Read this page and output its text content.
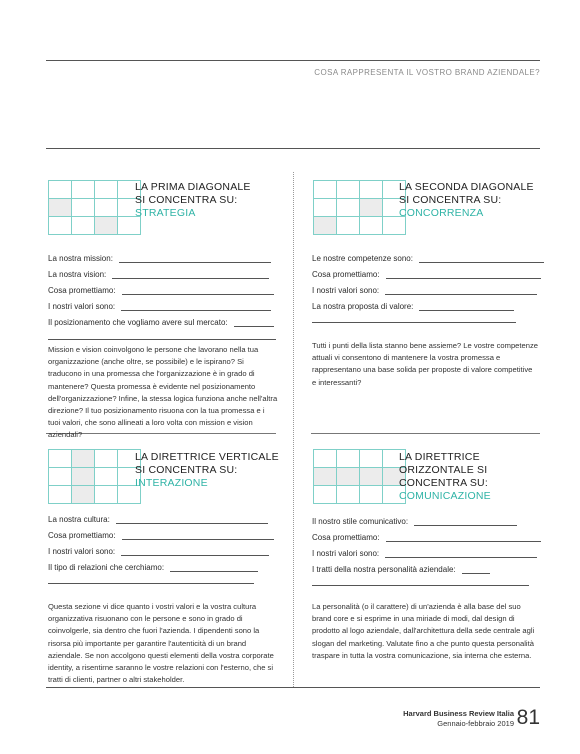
COSA RAPPRESENTA IL VOSTRO BRAND AZIENDALE?
LA PRIMA DIAGONALE
SI CONCENTRA SU:
STRATEGIA
La nostra mission:
La nostra vision:
Cosa promettiamo:
I nostri valori sono:
Il posizionamento che vogliamo avere sul mercato:
Mission e vision coinvolgono le persone che lavorano nella tua organizzazione (anche oltre, se possibile) e le ispirano? Si traducono in una promessa che l'organizzazione è in grado di mantenere? Questa promessa è evidente nel posizionamento dell'organizzazione? Infine, la stessa logica funziona anche nell'altra direzione? Il tuo posizionamento risuona con la tua promessa e i tuoi valori, che sono allineati a loro volta con mission e vision aziendali?
LA SECONDA DIAGONALE
SI CONCENTRA SU:
CONCORRENZA
Le nostre competenze sono:
Cosa promettiamo:
I nostri valori sono:
La nostra proposta di valore:
Tutti i punti della lista stanno bene assieme? Le vostre competenze attuali vi consentono di mantenere la vostra promessa e rappresentano una base solida per proposte di valore competitive e interessanti?
LA DIRETTRICE VERTICALE
SI CONCENTRA SU:
INTERAZIONE
La nostra cultura:
Cosa promettiamo:
I nostri valori sono:
Il tipo di relazioni che cerchiamo:
Questa sezione vi dice quanto i vostri valori e la vostra cultura organizzativa risuonano con le persone e sono in grado di coinvolgerle, sia dentro che fuori l'azienda. I dipendenti sono la risorsa più importante per garantire l'autenticità di un brand aziendale. Se non accolgono questi elementi della vostra corporate identity, a risentirne saranno le vostre relazioni con l'esterno, che si tratti di clienti, partner o altri stakeholder.
LA DIRETTRICE
ORIZZONTALE SI
CONCENTRA SU:
COMUNICAZIONE
Il nostro stile comunicativo:
Cosa promettiamo:
I nostri valori sono:
I tratti della nostra personalità aziendale:
La personalità (o il carattere) di un'azienda è alla base del suo brand core e si esprime in una miriade di modi, dal design di prodotto al logo aziendale, dall'architettura della sede centrale agli slogan del marketing. Valutate fino a che punto questa personalità traspare in tutta la vostra comunicazione, sia interna che esterna.
Harvard Business Review Italia
Gennaio-febbraio 2019 81
